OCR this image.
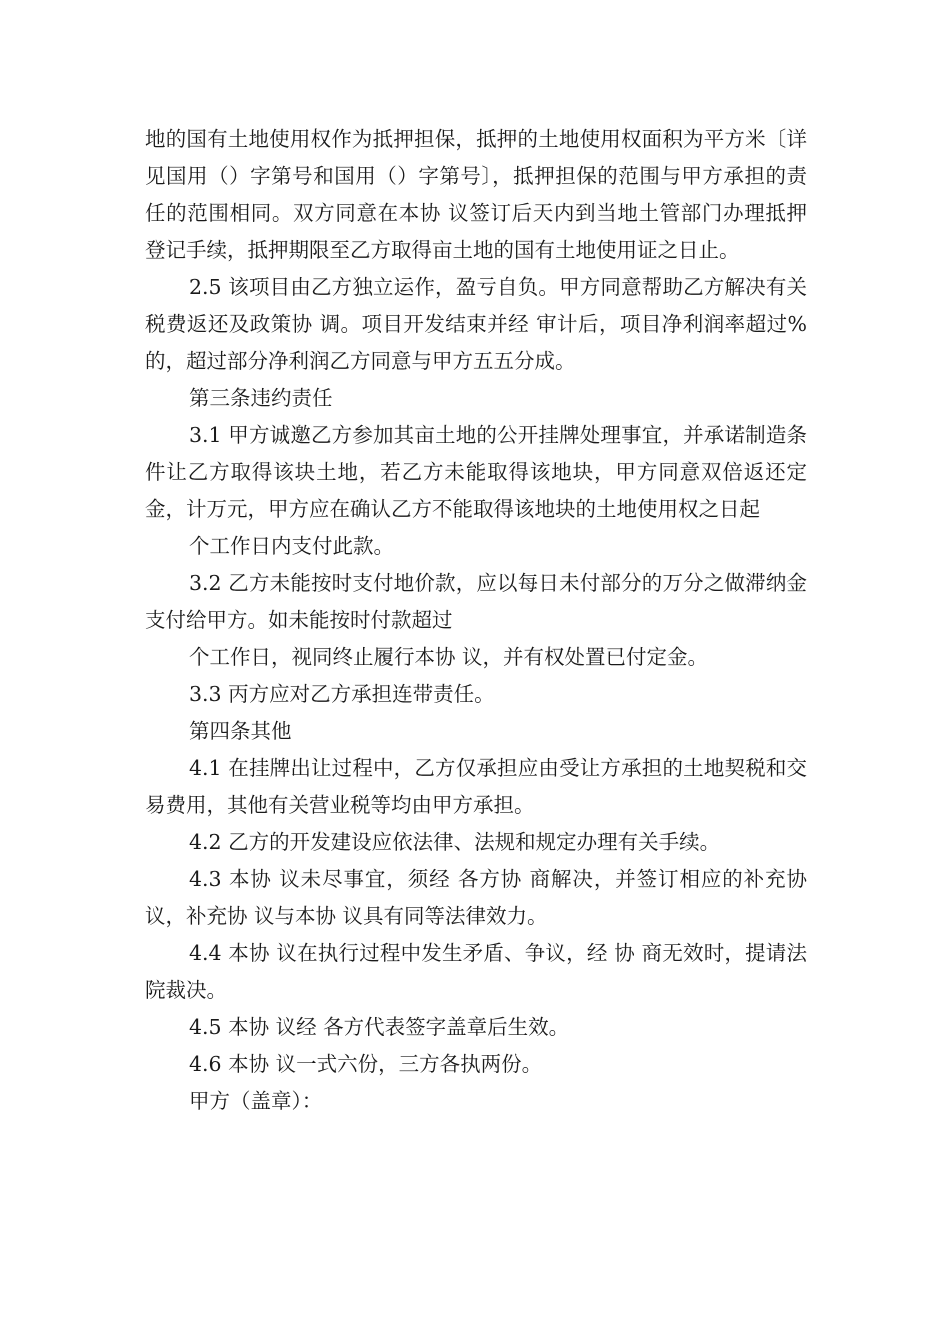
地的国有土地使用权作为抵押担保，抵押的土地使用权面积为平方米〔详见国用（）字第号和国用（）字第号〕，抵押担保的范围与甲方承担的责任的范围相同。双方同意在本协 议签订后天内到当地土管部门办理抵押登记手续，抵押期限至乙方取得亩土地的国有土地使用证之日止。

2.5 该项目由乙方独立运作，盈亏自负。甲方同意帮助乙方解决有关税费返还及政策协 调。项目开发结束并经 审计后，项目净利润率超过%的，超过部分净利润乙方同意与甲方五五分成。

第三条违约责任

3.1 甲方诚邀乙方参加其亩土地的公开挂牌处理事宜，并承诺制造条件让乙方取得该块土地，若乙方未能取得该地块，甲方同意双倍返还定金，计万元，甲方应在确认乙方不能取得该地块的土地使用权之日起

个工作日内支付此款。

3.2 乙方未能按时支付地价款，应以每日未付部分的万分之做滞纳金支付给甲方。如未能按时付款超过

个工作日，视同终止履行本协 议，并有权处置已付定金。

3.3 丙方应对乙方承担连带责任。

第四条其他

4.1 在挂牌出让过程中，乙方仅承担应由受让方承担的土地契税和交易费用，其他有关营业税等均由甲方承担。

4.2 乙方的开发建设应依法律、法规和规定办理有关手续。

4.3 本协 议未尽事宜，须经 各方协 商解决，并签订相应的补充协 议，补充协 议与本协 议具有同等法律效力。

4.4 本协 议在执行过程中发生矛盾、争议，经 协 商无效时，提请法院裁决。

4.5 本协 议经 各方代表签字盖章后生效。

4.6 本协 议一式六份，三方各执两份。

甲方（盖章）：
